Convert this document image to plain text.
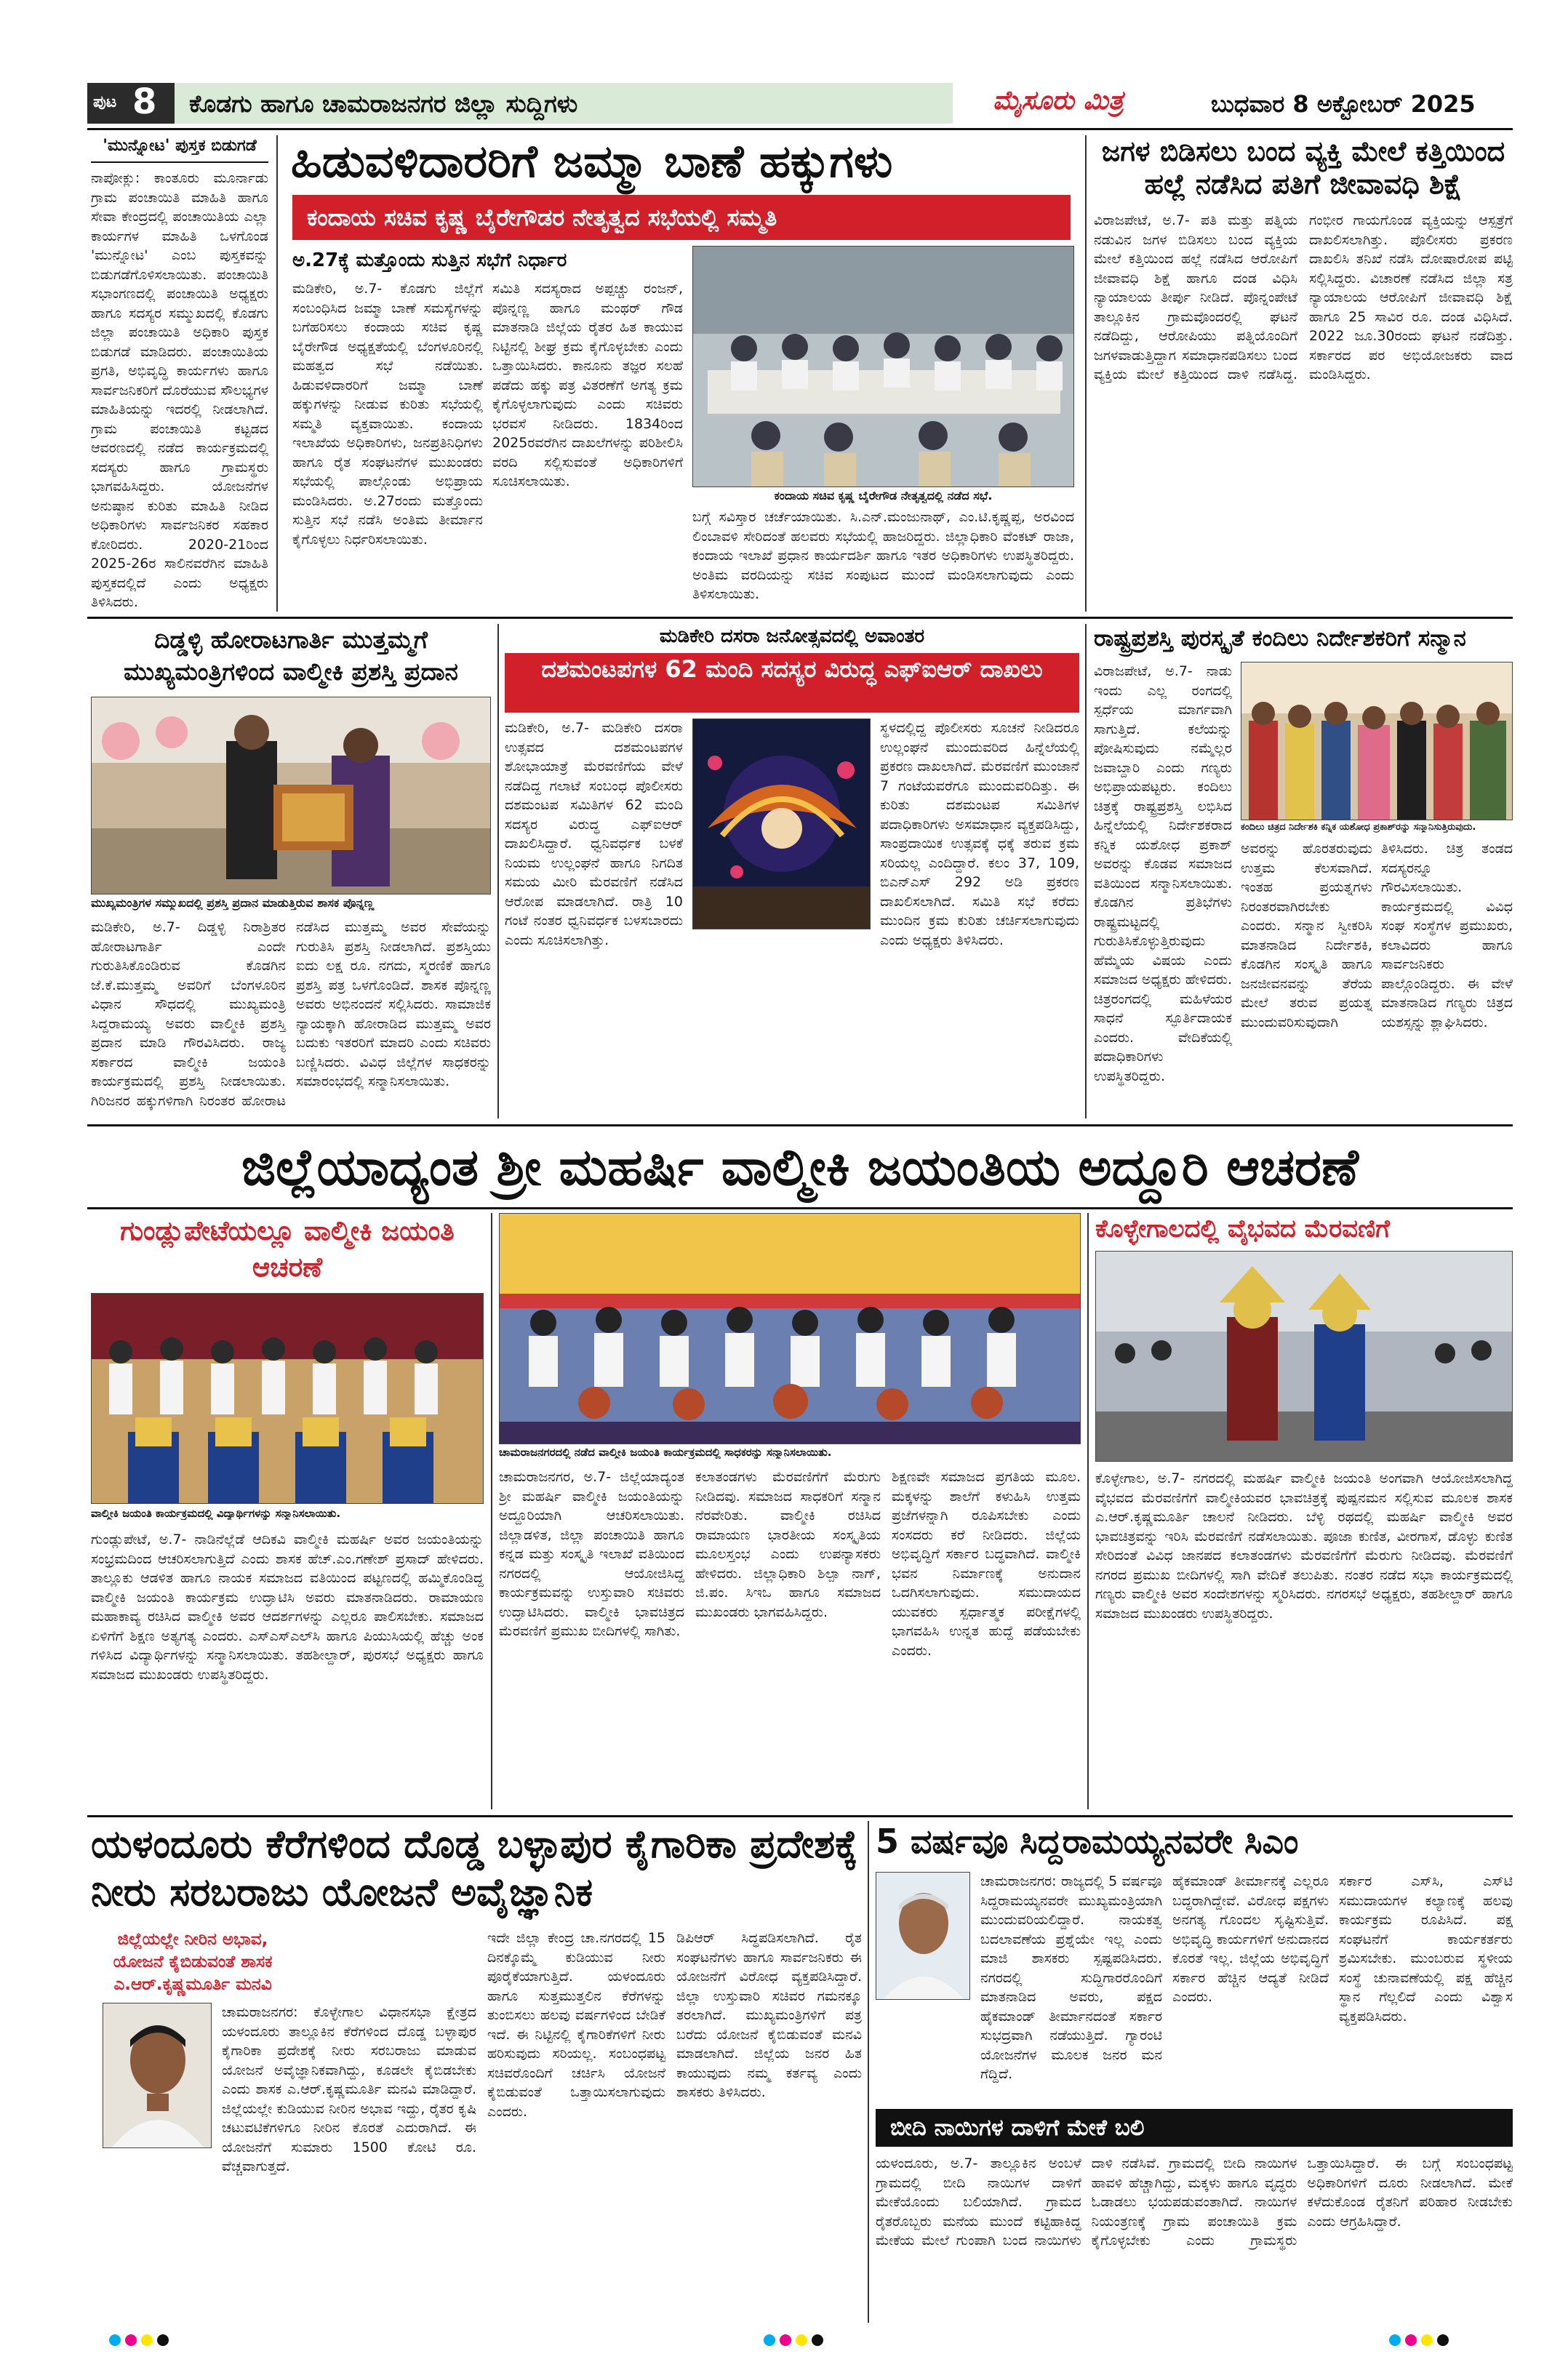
ಪುಟ 8 ಕೊಡಗು ಹಾಗೂ ಚಾಮರಾಜನಗರ ಜಿಲ್ಲಾ ಸುದ್ದಿಗಳು	ಮೈಸೂರು ಮಿತ್ರ	ಬುಧವಾರ 8 ಅಕ್ಟೋಬರ್ 2025
'ಮುನ್ನೋಟ' ಪುಸ್ತಕ ಬಿಡುಗಡೆ
ನಾಪೋಕ್ಲು: ಕಾಂತೂರು ಮೂರ್ನಾಡು ಗ್ರಾಮ ಪಂಚಾಯಿತಿ ಮಾಹಿತಿ ಹಾಗೂ ಸೇವಾ ಕೇಂದ್ರದಲ್ಲಿ ಪಂಚಾಯಿತಿಯ ಎಲ್ಲಾ ಕಾರ್ಯಗಳ ಮಾಹಿತಿ ಒಳಗೊಂಡ 'ಮುನ್ನೋಟ' ಎಂಬ ಪುಸ್ತಕವನ್ನು ಬಿಡುಗಡೆಗೊಳಿಸಲಾಯಿತು. ಪಂಚಾಯಿತಿ ಸಭಾಂಗಣದಲ್ಲಿ ಪಂಚಾಯಿತಿ ಅಧ್ಯಕ್ಷರು ಹಾಗೂ ಸದಸ್ಯರ ಸಮ್ಮುಖದಲ್ಲಿ ಕೊಡಗು ಜಿಲ್ಲಾ ಪಂಚಾಯಿತಿ ಅಧಿಕಾರಿ ಪುಸ್ತಕ ಬಿಡುಗಡೆ ಮಾಡಿದರು. ಪಂಚಾಯಿತಿಯ ಪ್ರಗತಿ, ಅಭಿವೃದ್ಧಿ ಕಾರ್ಯಗಳು ಹಾಗೂ ಸಾರ್ವಜನಿಕರಿಗೆ ದೊರೆಯುವ ಸೌಲಭ್ಯಗಳ ಮಾಹಿತಿಯನ್ನು ಇದರಲ್ಲಿ ನೀಡಲಾಗಿದೆ. ಗ್ರಾಮ ಪಂಚಾಯಿತಿ ಕಟ್ಟಡದ ಆವರಣದಲ್ಲಿ ನಡೆದ ಕಾರ್ಯಕ್ರಮದಲ್ಲಿ ಸದಸ್ಯರು ಹಾಗೂ ಗ್ರಾಮಸ್ಥರು ಭಾಗವಹಿಸಿದ್ದರು. ಯೋಜನೆಗಳ ಅನುಷ್ಠಾನ ಕುರಿತು ಮಾಹಿತಿ ನೀಡಿದ ಅಧಿಕಾರಿಗಳು ಸಾರ್ವಜನಿಕರ ಸಹಕಾರ ಕೋರಿದರು. 2020-21ರಿಂದ 2025-26ರ ಸಾಲಿನವರೆಗಿನ ಮಾಹಿತಿ ಪುಸ್ತಕದಲ್ಲಿದೆ ಎಂದು ಅಧ್ಯಕ್ಷರು ತಿಳಿಸಿದರು.
ಹಿಡುವಳಿದಾರರಿಗೆ ಜಮ್ಮಾ ಬಾಣೆ ಹಕ್ಕುಗಳು
ಕಂದಾಯ ಸಚಿವ ಕೃಷ್ಣ ಬೈರೇಗೌಡರ ನೇತೃತ್ವದ ಸಭೆಯಲ್ಲಿ ಸಮ್ಮತಿ
ಅ.27ಕ್ಕೆ ಮತ್ತೊಂದು ಸುತ್ತಿನ ಸಭೆಗೆ ನಿರ್ಧಾರ
ಮಡಿಕೇರಿ, ಅ.7- ಕೊಡಗು ಜಿಲ್ಲೆಗೆ ಸಂಬಂಧಿಸಿದ ಜಮ್ಮಾ ಬಾಣೆ ಸಮಸ್ಯೆಗಳನ್ನು ಬಗೆಹರಿಸಲು ಕಂದಾಯ ಸಚಿವ ಕೃಷ್ಣ ಬೈರೇಗೌಡ ಅಧ್ಯಕ್ಷತೆಯಲ್ಲಿ ಬೆಂಗಳೂರಿನಲ್ಲಿ ಮಹತ್ವದ ಸಭೆ ನಡೆಯಿತು. ಹಿಡುವಳಿದಾರರಿಗೆ ಜಮ್ಮಾ ಬಾಣೆ ಹಕ್ಕುಗಳನ್ನು ನೀಡುವ ಕುರಿತು ಸಭೆಯಲ್ಲಿ ಸಮ್ಮತಿ ವ್ಯಕ್ತವಾಯಿತು. ಕಂದಾಯ ಇಲಾಖೆಯ ಅಧಿಕಾರಿಗಳು, ಜನಪ್ರತಿನಿಧಿಗಳು ಹಾಗೂ ರೈತ ಸಂಘಟನೆಗಳ ಮುಖಂಡರು ಸಭೆಯಲ್ಲಿ ಪಾಲ್ಗೊಂಡು ಅಭಿಪ್ರಾಯ ಮಂಡಿಸಿದರು. ಅ.27ರಂದು ಮತ್ತೊಂದು ಸುತ್ತಿನ ಸಭೆ ನಡೆಸಿ ಅಂತಿಮ ತೀರ್ಮಾನ ಕೈಗೊಳ್ಳಲು ನಿರ್ಧರಿಸಲಾಯಿತು.
ಸಮಿತಿ ಸದಸ್ಯರಾದ ಅಪ್ಪಚ್ಚು ರಂಜನ್, ಪೊನ್ನಣ್ಣ ಹಾಗೂ ಮಂಥರ್ ಗೌಡ ಮಾತನಾಡಿ ಜಿಲ್ಲೆಯ ರೈತರ ಹಿತ ಕಾಯುವ ನಿಟ್ಟಿನಲ್ಲಿ ಶೀಘ್ರ ಕ್ರಮ ಕೈಗೊಳ್ಳಬೇಕು ಎಂದು ಒತ್ತಾಯಿಸಿದರು. ಕಾನೂನು ತಜ್ಞರ ಸಲಹೆ ಪಡೆದು ಹಕ್ಕು ಪತ್ರ ವಿತರಣೆಗೆ ಅಗತ್ಯ ಕ್ರಮ ಕೈಗೊಳ್ಳಲಾಗುವುದು ಎಂದು ಸಚಿವರು ಭರವಸೆ ನೀಡಿದರು. 1834ರಿಂದ 2025ರವರೆಗಿನ ದಾಖಲೆಗಳನ್ನು ಪರಿಶೀಲಿಸಿ ವರದಿ ಸಲ್ಲಿಸುವಂತೆ ಅಧಿಕಾರಿಗಳಿಗೆ ಸೂಚಿಸಲಾಯಿತು.
ಕಂದಾಯ ಸಚಿವ ಕೃಷ್ಣ ಬೈರೇಗೌಡ ನೇತೃತ್ವದಲ್ಲಿ ನಡೆದ ಸಭೆ.
ಬಗ್ಗೆ ಸವಿಸ್ತಾರ ಚರ್ಚೆಯಾಯಿತು. ಸಿ.ಎನ್.ಮಂಜುನಾಥ್, ಎಂ.ಟಿ.ಕೃಷ್ಣಪ್ಪ, ಅರವಿಂದ ಲಿಂಬಾವಳಿ ಸೇರಿದಂತೆ ಹಲವರು ಸಭೆಯಲ್ಲಿ ಹಾಜರಿದ್ದರು. ಜಿಲ್ಲಾಧಿಕಾರಿ ವೆಂಕಟ್ ರಾಜಾ, ಕಂದಾಯ ಇಲಾಖೆ ಪ್ರಧಾನ ಕಾರ್ಯದರ್ಶಿ ಹಾಗೂ ಇತರ ಅಧಿಕಾರಿಗಳು ಉಪಸ್ಥಿತರಿದ್ದರು. ಅಂತಿಮ ವರದಿಯನ್ನು ಸಚಿವ ಸಂಪುಟದ ಮುಂದೆ ಮಂಡಿಸಲಾಗುವುದು ಎಂದು ತಿಳಿಸಲಾಯಿತು.
ಜಗಳ ಬಿಡಿಸಲು ಬಂದ ವ್ಯಕ್ತಿ ಮೇಲೆ ಕತ್ತಿಯಿಂದ ಹಲ್ಲೆ ನಡೆಸಿದ ಪತಿಗೆ ಜೀವಾವಧಿ ಶಿಕ್ಷೆ
ವಿರಾಜಪೇಟೆ, ಅ.7- ಪತಿ ಮತ್ತು ಪತ್ನಿಯ ನಡುವಿನ ಜಗಳ ಬಿಡಿಸಲು ಬಂದ ವ್ಯಕ್ತಿಯ ಮೇಲೆ ಕತ್ತಿಯಿಂದ ಹಲ್ಲೆ ನಡೆಸಿದ ಆರೋಪಿಗೆ ಜೀವಾವಧಿ ಶಿಕ್ಷೆ ಹಾಗೂ ದಂಡ ವಿಧಿಸಿ ನ್ಯಾಯಾಲಯ ತೀರ್ಪು ನೀಡಿದೆ. ಪೊನ್ನಂಪೇಟೆ ತಾಲ್ಲೂಕಿನ ಗ್ರಾಮವೊಂದರಲ್ಲಿ ಘಟನೆ ನಡೆದಿದ್ದು, ಆರೋಪಿಯು ಪತ್ನಿಯೊಂದಿಗೆ ಜಗಳವಾಡುತ್ತಿದ್ದಾಗ ಸಮಾಧಾನಪಡಿಸಲು ಬಂದ ವ್ಯಕ್ತಿಯ ಮೇಲೆ ಕತ್ತಿಯಿಂದ ದಾಳಿ ನಡೆಸಿದ್ದ. ಗಂಭೀರ ಗಾಯಗೊಂಡ ವ್ಯಕ್ತಿಯನ್ನು ಆಸ್ಪತ್ರೆಗೆ ದಾಖಲಿಸಲಾಗಿತ್ತು. ಪೊಲೀಸರು ಪ್ರಕರಣ ದಾಖಲಿಸಿ ತನಿಖೆ ನಡೆಸಿ ದೋಷಾರೋಪ ಪಟ್ಟಿ ಸಲ್ಲಿಸಿದ್ದರು. ವಿಚಾರಣೆ ನಡೆಸಿದ ಜಿಲ್ಲಾ ಸತ್ರ ನ್ಯಾಯಾಲಯ ಆರೋಪಿಗೆ ಜೀವಾವಧಿ ಶಿಕ್ಷೆ ಹಾಗೂ 25 ಸಾವಿರ ರೂ. ದಂಡ ವಿಧಿಸಿದೆ. 2022 ಜೂ.30ರಂದು ಘಟನೆ ನಡೆದಿತ್ತು. ಸರ್ಕಾರದ ಪರ ಅಭಿಯೋಜಕರು ವಾದ ಮಂಡಿಸಿದ್ದರು.
ದಿಡ್ಡಳ್ಳಿ ಹೋರಾಟಗಾರ್ತಿ ಮುತ್ತಮ್ಮಗೆ ಮುಖ್ಯಮಂತ್ರಿಗಳಿಂದ ವಾಲ್ಮೀಕಿ ಪ್ರಶಸ್ತಿ ಪ್ರದಾನ
ಮುಖ್ಯಮಂತ್ರಿಗಳ ಸಮ್ಮುಖದಲ್ಲಿ ಪ್ರಶಸ್ತಿ ಪ್ರದಾನ ಮಾಡುತ್ತಿರುವ ಶಾಸಕ ಪೊನ್ನಣ್ಣ
ಮಡಿಕೇರಿ, ಅ.7- ದಿಡ್ಡಳ್ಳಿ ನಿರಾಶ್ರಿತರ ಹೋರಾಟಗಾರ್ತಿ ಎಂದೇ ಗುರುತಿಸಿಕೊಂಡಿರುವ ಕೊಡಗಿನ ಜೆ.ಕೆ.ಮುತ್ತಮ್ಮ ಅವರಿಗೆ ಬೆಂಗಳೂರಿನ ವಿಧಾನ ಸೌಧದಲ್ಲಿ ಮುಖ್ಯಮಂತ್ರಿ ಸಿದ್ದರಾಮಯ್ಯ ಅವರು ವಾಲ್ಮೀಕಿ ಪ್ರಶಸ್ತಿ ಪ್ರದಾನ ಮಾಡಿ ಗೌರವಿಸಿದರು. ರಾಜ್ಯ ಸರ್ಕಾರದ ವಾಲ್ಮೀಕಿ ಜಯಂತಿ ಕಾರ್ಯಕ್ರಮದಲ್ಲಿ ಪ್ರಶಸ್ತಿ ನೀಡಲಾಯಿತು. ಗಿರಿಜನರ ಹಕ್ಕುಗಳಿಗಾಗಿ ನಿರಂತರ ಹೋರಾಟ ನಡೆಸಿದ ಮುತ್ತಮ್ಮ ಅವರ ಸೇವೆಯನ್ನು ಗುರುತಿಸಿ ಪ್ರಶಸ್ತಿ ನೀಡಲಾಗಿದೆ. ಪ್ರಶಸ್ತಿಯು ಐದು ಲಕ್ಷ ರೂ. ನಗದು, ಸ್ಮರಣಿಕೆ ಹಾಗೂ ಪ್ರಶಸ್ತಿ ಪತ್ರ ಒಳಗೊಂಡಿದೆ. ಶಾಸಕ ಪೊನ್ನಣ್ಣ ಅವರು ಅಭಿನಂದನೆ ಸಲ್ಲಿಸಿದರು. ಸಾಮಾಜಿಕ ನ್ಯಾಯಕ್ಕಾಗಿ ಹೋರಾಡಿದ ಮುತ್ತಮ್ಮ ಅವರ ಬದುಕು ಇತರರಿಗೆ ಮಾದರಿ ಎಂದು ಸಚಿವರು ಬಣ್ಣಿಸಿದರು. ವಿವಿಧ ಜಿಲ್ಲೆಗಳ ಸಾಧಕರನ್ನು ಸಮಾರಂಭದಲ್ಲಿ ಸನ್ಮಾನಿಸಲಾಯಿತು.
ಮಡಿಕೇರಿ ದಸರಾ ಜನೋತ್ಸವದಲ್ಲಿ ಅವಾಂತರ
ದಶಮಂಟಪಗಳ 62 ಮಂದಿ ಸದಸ್ಯರ ವಿರುದ್ಧ ಎಫ್ಐಆರ್ ದಾಖಲು
ಮಡಿಕೇರಿ, ಅ.7- ಮಡಿಕೇರಿ ದಸರಾ ಉತ್ಸವದ ದಶಮಂಟಪಗಳ ಶೋಭಾಯಾತ್ರೆ ಮೆರವಣಿಗೆಯ ವೇಳೆ ನಡೆದಿದ್ದ ಗಲಾಟೆ ಸಂಬಂಧ ಪೊಲೀಸರು ದಶಮಂಟಪ ಸಮಿತಿಗಳ 62 ಮಂದಿ ಸದಸ್ಯರ ವಿರುದ್ಧ ಎಫ್ಐಆರ್ ದಾಖಲಿಸಿದ್ದಾರೆ. ಧ್ವನಿವರ್ಧಕ ಬಳಕೆ ನಿಯಮ ಉಲ್ಲಂಘನೆ ಹಾಗೂ ನಿಗದಿತ ಸಮಯ ಮೀರಿ ಮೆರವಣಿಗೆ ನಡೆಸಿದ ಆರೋಪ ಮಾಡಲಾಗಿದೆ. ರಾತ್ರಿ 10 ಗಂಟೆ ನಂತರ ಧ್ವನಿವರ್ಧಕ ಬಳಸಬಾರದು ಎಂದು ಸೂಚಿಸಲಾಗಿತ್ತು.
ಸ್ಥಳದಲ್ಲಿದ್ದ ಪೊಲೀಸರು ಸೂಚನೆ ನೀಡಿದರೂ ಉಲ್ಲಂಘನೆ ಮುಂದುವರಿದ ಹಿನ್ನೆಲೆಯಲ್ಲಿ ಪ್ರಕರಣ ದಾಖಲಾಗಿದೆ. ಮೆರವಣಿಗೆ ಮುಂಜಾನೆ 7 ಗಂಟೆಯವರೆಗೂ ಮುಂದುವರಿದಿತ್ತು. ಈ ಕುರಿತು ದಶಮಂಟಪ ಸಮಿತಿಗಳ ಪದಾಧಿಕಾರಿಗಳು ಅಸಮಾಧಾನ ವ್ಯಕ್ತಪಡಿಸಿದ್ದು, ಸಾಂಪ್ರದಾಯಿಕ ಉತ್ಸವಕ್ಕೆ ಧಕ್ಕೆ ತರುವ ಕ್ರಮ ಸರಿಯಲ್ಲ ಎಂದಿದ್ದಾರೆ. ಕಲಂ 37, 109, ಬಿಎನ್ಎಸ್ 292 ಅಡಿ ಪ್ರಕರಣ ದಾಖಲಿಸಲಾಗಿದೆ. ಸಮಿತಿ ಸಭೆ ಕರೆದು ಮುಂದಿನ ಕ್ರಮ ಕುರಿತು ಚರ್ಚಿಸಲಾಗುವುದು ಎಂದು ಅಧ್ಯಕ್ಷರು ತಿಳಿಸಿದರು.
ರಾಷ್ಟ್ರಪ್ರಶಸ್ತಿ ಪುರಸ್ಕೃತೆ ಕಂದಿಲು ನಿರ್ದೇಶಕರಿಗೆ ಸನ್ಮಾನ
ವಿರಾಜಪೇಟೆ, ಅ.7- ನಾಡು ಇಂದು ಎಲ್ಲ ರಂಗದಲ್ಲಿ ಸ್ಪರ್ಧೆಯ ಮಾರ್ಗವಾಗಿ ಸಾಗುತ್ತಿದೆ. ಕಲೆಯನ್ನು ಪೋಷಿಸುವುದು ನಮ್ಮೆಲ್ಲರ ಜವಾಬ್ದಾರಿ ಎಂದು ಗಣ್ಯರು ಅಭಿಪ್ರಾಯಪಟ್ಟರು. ಕಂದಿಲು ಚಿತ್ರಕ್ಕೆ ರಾಷ್ಟ್ರಪ್ರಶಸ್ತಿ ಲಭಿಸಿದ ಹಿನ್ನೆಲೆಯಲ್ಲಿ ನಿರ್ದೇಶಕರಾದ ಕನ್ನಿಕ ಯಶೋಧ ಪ್ರಕಾಶ್ ಅವರನ್ನು ಕೊಡವ ಸಮಾಜದ ವತಿಯಿಂದ ಸನ್ಮಾನಿಸಲಾಯಿತು. ಕೊಡಗಿನ ಪ್ರತಿಭೆಗಳು ರಾಷ್ಟ್ರಮಟ್ಟದಲ್ಲಿ ಗುರುತಿಸಿಕೊಳ್ಳುತ್ತಿರುವುದು ಹೆಮ್ಮೆಯ ವಿಷಯ ಎಂದು ಸಮಾಜದ ಅಧ್ಯಕ್ಷರು ಹೇಳಿದರು. ಚಿತ್ರರಂಗದಲ್ಲಿ ಮಹಿಳೆಯರ ಸಾಧನೆ ಸ್ಫೂರ್ತಿದಾಯಕ ಎಂದರು. ವೇದಿಕೆಯಲ್ಲಿ ಪದಾಧಿಕಾರಿಗಳು ಉಪಸ್ಥಿತರಿದ್ದರು.
ಕಂದಿಲು ಚಿತ್ರದ ನಿರ್ದೇಶಕಿ ಕನ್ನಿಕ ಯಶೋಧ ಪ್ರಕಾಶ್‌ರನ್ನು ಸನ್ಮಾನಿಸುತ್ತಿರುವುದು.
ಅವರನ್ನು ಹೊರತರುವುದು ಉತ್ತಮ ಕೆಲಸವಾಗಿದೆ. ಇಂತಹ ಪ್ರಯತ್ನಗಳು ನಿರಂತರವಾಗಿರಬೇಕು ಎಂದರು. ಸನ್ಮಾನ ಸ್ವೀಕರಿಸಿ ಮಾತನಾಡಿದ ನಿರ್ದೇಶಕಿ, ಕೊಡಗಿನ ಸಂಸ್ಕೃತಿ ಹಾಗೂ ಜನಜೀವನವನ್ನು ತೆರೆಯ ಮೇಲೆ ತರುವ ಪ್ರಯತ್ನ ಮುಂದುವರಿಸುವುದಾಗಿ ತಿಳಿಸಿದರು. ಚಿತ್ರ ತಂಡದ ಸದಸ್ಯರನ್ನೂ ಗೌರವಿಸಲಾಯಿತು. ಕಾರ್ಯಕ್ರಮದಲ್ಲಿ ವಿವಿಧ ಸಂಘ ಸಂಸ್ಥೆಗಳ ಪ್ರಮುಖರು, ಕಲಾವಿದರು ಹಾಗೂ ಸಾರ್ವಜನಿಕರು ಪಾಲ್ಗೊಂಡಿದ್ದರು. ಈ ವೇಳೆ ಮಾತನಾಡಿದ ಗಣ್ಯರು ಚಿತ್ರದ ಯಶಸ್ಸನ್ನು ಶ್ಲಾಘಿಸಿದರು.
ಜಿಲ್ಲೆಯಾದ್ಯಂತ ಶ್ರೀ ಮಹರ್ಷಿ ವಾಲ್ಮೀಕಿ ಜಯಂತಿಯ ಅದ್ದೂರಿ ಆಚರಣೆ
ಗುಂಡ್ಲುಪೇಟೆಯಲ್ಲೂ ವಾಲ್ಮೀಕಿ ಜಯಂತಿ ಆಚರಣೆ
ವಾಲ್ಮೀಕಿ ಜಯಂತಿ ಕಾರ್ಯಕ್ರಮದಲ್ಲಿ ವಿದ್ಯಾರ್ಥಿಗಳನ್ನು ಸನ್ಮಾನಿಸಲಾಯಿತು.
ಗುಂಡ್ಲುಪೇಟೆ, ಅ.7- ನಾಡಿನೆಲ್ಲೆಡೆ ಆದಿಕವಿ ವಾಲ್ಮೀಕಿ ಮಹರ್ಷಿ ಅವರ ಜಯಂತಿಯನ್ನು ಸಂಭ್ರಮದಿಂದ ಆಚರಿಸಲಾಗುತ್ತಿದೆ ಎಂದು ಶಾಸಕ ಹೆಚ್.ಎಂ.ಗಣೇಶ್ ಪ್ರಸಾದ್ ಹೇಳಿದರು. ತಾಲ್ಲೂಕು ಆಡಳಿತ ಹಾಗೂ ನಾಯಕ ಸಮಾಜದ ವತಿಯಿಂದ ಪಟ್ಟಣದಲ್ಲಿ ಹಮ್ಮಿಕೊಂಡಿದ್ದ ವಾಲ್ಮೀಕಿ ಜಯಂತಿ ಕಾರ್ಯಕ್ರಮ ಉದ್ಘಾಟಿಸಿ ಅವರು ಮಾತನಾಡಿದರು. ರಾಮಾಯಣ ಮಹಾಕಾವ್ಯ ರಚಿಸಿದ ವಾಲ್ಮೀಕಿ ಅವರ ಆದರ್ಶಗಳನ್ನು ಎಲ್ಲರೂ ಪಾಲಿಸಬೇಕು. ಸಮಾಜದ ಏಳಿಗೆಗೆ ಶಿಕ್ಷಣ ಅತ್ಯಗತ್ಯ ಎಂದರು. ಎಸ್ಎಸ್ಎಲ್‌ಸಿ ಹಾಗೂ ಪಿಯುಸಿಯಲ್ಲಿ ಹೆಚ್ಚು ಅಂಕ ಗಳಿಸಿದ ವಿದ್ಯಾರ್ಥಿಗಳನ್ನು ಸನ್ಮಾನಿಸಲಾಯಿತು. ತಹಶೀಲ್ದಾರ್, ಪುರಸಭೆ ಅಧ್ಯಕ್ಷರು ಹಾಗೂ ಸಮಾಜದ ಮುಖಂಡರು ಉಪಸ್ಥಿತರಿದ್ದರು.
ಚಾಮರಾಜನಗರದಲ್ಲಿ ನಡೆದ ವಾಲ್ಮೀಕಿ ಜಯಂತಿ ಕಾರ್ಯಕ್ರಮದಲ್ಲಿ ಸಾಧಕರನ್ನು ಸನ್ಮಾನಿಸಲಾಯಿತು.
ಚಾಮರಾಜನಗರ, ಅ.7- ಜಿಲ್ಲೆಯಾದ್ಯಂತ ಶ್ರೀ ಮಹರ್ಷಿ ವಾಲ್ಮೀಕಿ ಜಯಂತಿಯನ್ನು ಅದ್ದೂರಿಯಾಗಿ ಆಚರಿಸಲಾಯಿತು. ಜಿಲ್ಲಾಡಳಿತ, ಜಿಲ್ಲಾ ಪಂಚಾಯಿತಿ ಹಾಗೂ ಕನ್ನಡ ಮತ್ತು ಸಂಸ್ಕೃತಿ ಇಲಾಖೆ ವತಿಯಿಂದ ನಗರದಲ್ಲಿ ಆಯೋಜಿಸಿದ್ದ ಕಾರ್ಯಕ್ರಮವನ್ನು ಉಸ್ತುವಾರಿ ಸಚಿವರು ಉದ್ಘಾಟಿಸಿದರು. ವಾಲ್ಮೀಕಿ ಭಾವಚಿತ್ರದ ಮೆರವಣಿಗೆ ಪ್ರಮುಖ ಬೀದಿಗಳಲ್ಲಿ ಸಾಗಿತು.
ಕಲಾತಂಡಗಳು ಮೆರವಣಿಗೆಗೆ ಮೆರುಗು ನೀಡಿದವು. ಸಮಾಜದ ಸಾಧಕರಿಗೆ ಸನ್ಮಾನ ನೆರವೇರಿತು. ವಾಲ್ಮೀಕಿ ರಚಿಸಿದ ರಾಮಾಯಣ ಭಾರತೀಯ ಸಂಸ್ಕೃತಿಯ ಮೂಲಸ್ತಂಭ ಎಂದು ಉಪನ್ಯಾಸಕರು ಹೇಳಿದರು. ಜಿಲ್ಲಾಧಿಕಾರಿ ಶಿಲ್ಪಾ ನಾಗ್, ಜಿ.ಪಂ. ಸಿಇಒ ಹಾಗೂ ಸಮಾಜದ ಮುಖಂಡರು ಭಾಗವಹಿಸಿದ್ದರು.
ಶಿಕ್ಷಣವೇ ಸಮಾಜದ ಪ್ರಗತಿಯ ಮೂಲ. ಮಕ್ಕಳನ್ನು ಶಾಲೆಗೆ ಕಳುಹಿಸಿ ಉತ್ತಮ ಪ್ರಜೆಗಳನ್ನಾಗಿ ರೂಪಿಸಬೇಕು ಎಂದು ಸಂಸದರು ಕರೆ ನೀಡಿದರು. ಜಿಲ್ಲೆಯ ಅಭಿವೃದ್ಧಿಗೆ ಸರ್ಕಾರ ಬದ್ಧವಾಗಿದೆ. ವಾಲ್ಮೀಕಿ ಭವನ ನಿರ್ಮಾಣಕ್ಕೆ ಅನುದಾನ ಒದಗಿಸಲಾಗುವುದು. ಸಮುದಾಯದ ಯುವಕರು ಸ್ಪರ್ಧಾತ್ಮಕ ಪರೀಕ್ಷೆಗಳಲ್ಲಿ ಭಾಗವಹಿಸಿ ಉನ್ನತ ಹುದ್ದೆ ಪಡೆಯಬೇಕು ಎಂದರು.
ಕೊಳ್ಳೇಗಾಲದಲ್ಲಿ ವೈಭವದ ಮೆರವಣಿಗೆ
ಕೊಳ್ಳೇಗಾಲ, ಅ.7- ನಗರದಲ್ಲಿ ಮಹರ್ಷಿ ವಾಲ್ಮೀಕಿ ಜಯಂತಿ ಅಂಗವಾಗಿ ಆಯೋಜಿಸಲಾಗಿದ್ದ ವೈಭವದ ಮೆರವಣಿಗೆಗೆ ವಾಲ್ಮೀಕಿಯವರ ಭಾವಚಿತ್ರಕ್ಕೆ ಪುಷ್ಪನಮನ ಸಲ್ಲಿಸುವ ಮೂಲಕ ಶಾಸಕ ಎ.ಆರ್.ಕೃಷ್ಣಮೂರ್ತಿ ಚಾಲನೆ ನೀಡಿದರು. ಬೆಳ್ಳಿ ರಥದಲ್ಲಿ ಮಹರ್ಷಿ ವಾಲ್ಮೀಕಿ ಅವರ ಭಾವಚಿತ್ರವನ್ನು ಇರಿಸಿ ಮೆರವಣಿಗೆ ನಡೆಸಲಾಯಿತು. ಪೂಜಾ ಕುಣಿತ, ವೀರಗಾಸೆ, ಡೊಳ್ಳು ಕುಣಿತ ಸೇರಿದಂತೆ ವಿವಿಧ ಜಾನಪದ ಕಲಾತಂಡಗಳು ಮೆರವಣಿಗೆಗೆ ಮೆರುಗು ನೀಡಿದವು. ಮೆರವಣಿಗೆ ನಗರದ ಪ್ರಮುಖ ಬೀದಿಗಳಲ್ಲಿ ಸಾಗಿ ವೇದಿಕೆ ತಲುಪಿತು. ನಂತರ ನಡೆದ ಸಭಾ ಕಾರ್ಯಕ್ರಮದಲ್ಲಿ ಗಣ್ಯರು ವಾಲ್ಮೀಕಿ ಅವರ ಸಂದೇಶಗಳನ್ನು ಸ್ಮರಿಸಿದರು. ನಗರಸಭೆ ಅಧ್ಯಕ್ಷರು, ತಹಶೀಲ್ದಾರ್ ಹಾಗೂ ಸಮಾಜದ ಮುಖಂಡರು ಉಪಸ್ಥಿತರಿದ್ದರು.
ಯಳಂದೂರು ಕೆರೆಗಳಿಂದ ದೊಡ್ಡ ಬಳ್ಳಾಪುರ ಕೈಗಾರಿಕಾ ಪ್ರದೇಶಕ್ಕೆ ನೀರು ಸರಬರಾಜು ಯೋಜನೆ ಅವೈಜ್ಞಾನಿಕ
ಜಿಲ್ಲೆಯಲ್ಲೇ ನೀರಿನ ಅಭಾವ, ಯೋಜನೆ ಕೈಬಿಡುವಂತೆ ಶಾಸಕ ಎ.ಆರ್.ಕೃಷ್ಣಮೂರ್ತಿ ಮನವಿ
ಚಾಮರಾಜನಗರ: ಕೊಳ್ಳೇಗಾಲ ವಿಧಾನಸಭಾ ಕ್ಷೇತ್ರದ ಯಳಂದೂರು ತಾಲ್ಲೂಕಿನ ಕೆರೆಗಳಿಂದ ದೊಡ್ಡ ಬಳ್ಳಾಪುರ ಕೈಗಾರಿಕಾ ಪ್ರದೇಶಕ್ಕೆ ನೀರು ಸರಬರಾಜು ಮಾಡುವ ಯೋಜನೆ ಅವೈಜ್ಞಾನಿಕವಾಗಿದ್ದು, ಕೂಡಲೇ ಕೈಬಿಡಬೇಕು ಎಂದು ಶಾಸಕ ಎ.ಆರ್.ಕೃಷ್ಣಮೂರ್ತಿ ಮನವಿ ಮಾಡಿದ್ದಾರೆ. ಜಿಲ್ಲೆಯಲ್ಲೇ ಕುಡಿಯುವ ನೀರಿನ ಅಭಾವ ಇದ್ದು, ರೈತರ ಕೃಷಿ ಚಟುವಟಿಕೆಗಳಿಗೂ ನೀರಿನ ಕೊರತೆ ಎದುರಾಗಿದೆ. ಈ ಯೋಜನೆಗೆ ಸುಮಾರು 1500 ಕೋಟಿ ರೂ. ವೆಚ್ಚವಾಗುತ್ತದೆ.
ಇದೇ ಜಿಲ್ಲಾ ಕೇಂದ್ರ ಚಾ.ನಗರದಲ್ಲಿ 15 ದಿನಕ್ಕೊಮ್ಮೆ ಕುಡಿಯುವ ನೀರು ಪೂರೈಕೆಯಾಗುತ್ತಿದೆ. ಯಳಂದೂರು ಹಾಗೂ ಸುತ್ತಮುತ್ತಲಿನ ಕೆರೆಗಳನ್ನು ತುಂಬಿಸಲು ಹಲವು ವರ್ಷಗಳಿಂದ ಬೇಡಿಕೆ ಇದೆ. ಈ ನಿಟ್ಟಿನಲ್ಲಿ ಕೈಗಾರಿಕೆಗಳಿಗೆ ನೀರು ಹರಿಸುವುದು ಸರಿಯಲ್ಲ. ಸಂಬಂಧಪಟ್ಟ ಸಚಿವರೊಂದಿಗೆ ಚರ್ಚಿಸಿ ಯೋಜನೆ ಕೈಬಿಡುವಂತೆ ಒತ್ತಾಯಿಸಲಾಗುವುದು ಎಂದರು.
ಡಿಪಿಆರ್ ಸಿದ್ಧಪಡಿಸಲಾಗಿದೆ. ರೈತ ಸಂಘಟನೆಗಳು ಹಾಗೂ ಸಾರ್ವಜನಿಕರು ಈ ಯೋಜನೆಗೆ ವಿರೋಧ ವ್ಯಕ್ತಪಡಿಸಿದ್ದಾರೆ. ಜಿಲ್ಲಾ ಉಸ್ತುವಾರಿ ಸಚಿವರ ಗಮನಕ್ಕೂ ತರಲಾಗಿದೆ. ಮುಖ್ಯಮಂತ್ರಿಗಳಿಗೆ ಪತ್ರ ಬರೆದು ಯೋಜನೆ ಕೈಬಿಡುವಂತೆ ಮನವಿ ಮಾಡಲಾಗಿದೆ. ಜಿಲ್ಲೆಯ ಜನರ ಹಿತ ಕಾಯುವುದು ನಮ್ಮ ಕರ್ತವ್ಯ ಎಂದು ಶಾಸಕರು ತಿಳಿಸಿದರು.
5 ವರ್ಷವೂ ಸಿದ್ದರಾಮಯ್ಯನವರೇ ಸಿಎಂ
ಚಾಮರಾಜನಗರ: ರಾಜ್ಯದಲ್ಲಿ 5 ವರ್ಷವೂ ಸಿದ್ದರಾಮಯ್ಯನವರೇ ಮುಖ್ಯಮಂತ್ರಿಯಾಗಿ ಮುಂದುವರಿಯಲಿದ್ದಾರೆ. ನಾಯಕತ್ವ ಬದಲಾವಣೆಯ ಪ್ರಶ್ನೆಯೇ ಇಲ್ಲ ಎಂದು ಮಾಜಿ ಶಾಸಕರು ಸ್ಪಷ್ಟಪಡಿಸಿದರು. ನಗರದಲ್ಲಿ ಸುದ್ದಿಗಾರರೊಂದಿಗೆ ಮಾತನಾಡಿದ ಅವರು, ಪಕ್ಷದ ಹೈಕಮಾಂಡ್ ತೀರ್ಮಾನದಂತೆ ಸರ್ಕಾರ ಸುಭದ್ರವಾಗಿ ನಡೆಯುತ್ತಿದೆ. ಗ್ಯಾರಂಟಿ ಯೋಜನೆಗಳ ಮೂಲಕ ಜನರ ಮನ ಗೆದ್ದಿದೆ.
ಹೈಕಮಾಂಡ್ ತೀರ್ಮಾನಕ್ಕೆ ಎಲ್ಲರೂ ಬದ್ಧರಾಗಿದ್ದೇವೆ. ವಿರೋಧ ಪಕ್ಷಗಳು ಅನಗತ್ಯ ಗೊಂದಲ ಸೃಷ್ಟಿಸುತ್ತಿವೆ. ಅಭಿವೃದ್ಧಿ ಕಾರ್ಯಗಳಿಗೆ ಅನುದಾನದ ಕೊರತೆ ಇಲ್ಲ. ಜಿಲ್ಲೆಯ ಅಭಿವೃದ್ಧಿಗೆ ಸರ್ಕಾರ ಹೆಚ್ಚಿನ ಆದ್ಯತೆ ನೀಡಿದೆ ಎಂದರು.
ಸರ್ಕಾರ ಎಸ್‌ಸಿ, ಎಸ್‌ಟಿ ಸಮುದಾಯಗಳ ಕಲ್ಯಾಣಕ್ಕೆ ಹಲವು ಕಾರ್ಯಕ್ರಮ ರೂಪಿಸಿದೆ. ಪಕ್ಷ ಸಂಘಟನೆಗೆ ಕಾರ್ಯಕರ್ತರು ಶ್ರಮಿಸಬೇಕು. ಮುಂಬರುವ ಸ್ಥಳೀಯ ಸಂಸ್ಥೆ ಚುನಾವಣೆಯಲ್ಲಿ ಪಕ್ಷ ಹೆಚ್ಚಿನ ಸ್ಥಾನ ಗೆಲ್ಲಲಿದೆ ಎಂದು ವಿಶ್ವಾಸ ವ್ಯಕ್ತಪಡಿಸಿದರು.
ಬೀದಿ ನಾಯಿಗಳ ದಾಳಿಗೆ ಮೇಕೆ ಬಲಿ
ಯಳಂದೂರು, ಅ.7- ತಾಲ್ಲೂಕಿನ ಅಂಬಳೆ ಗ್ರಾಮದಲ್ಲಿ ಬೀದಿ ನಾಯಿಗಳ ದಾಳಿಗೆ ಮೇಕೆಯೊಂದು ಬಲಿಯಾಗಿದೆ. ಗ್ರಾಮದ ರೈತರೊಬ್ಬರು ಮನೆಯ ಮುಂದೆ ಕಟ್ಟಿಹಾಕಿದ್ದ ಮೇಕೆಯ ಮೇಲೆ ಗುಂಪಾಗಿ ಬಂದ ನಾಯಿಗಳು ದಾಳಿ ನಡೆಸಿವೆ. ಗ್ರಾಮದಲ್ಲಿ ಬೀದಿ ನಾಯಿಗಳ ಹಾವಳಿ ಹೆಚ್ಚಾಗಿದ್ದು, ಮಕ್ಕಳು ಹಾಗೂ ವೃದ್ಧರು ಓಡಾಡಲು ಭಯಪಡುವಂತಾಗಿದೆ. ನಾಯಿಗಳ ನಿಯಂತ್ರಣಕ್ಕೆ ಗ್ರಾಮ ಪಂಚಾಯಿತಿ ಕ್ರಮ ಕೈಗೊಳ್ಳಬೇಕು ಎಂದು ಗ್ರಾಮಸ್ಥರು ಒತ್ತಾಯಿಸಿದ್ದಾರೆ. ಈ ಬಗ್ಗೆ ಸಂಬಂಧಪಟ್ಟ ಅಧಿಕಾರಿಗಳಿಗೆ ದೂರು ನೀಡಲಾಗಿದೆ. ಮೇಕೆ ಕಳೆದುಕೊಂಡ ರೈತನಿಗೆ ಪರಿಹಾರ ನೀಡಬೇಕು ಎಂದು ಆಗ್ರಹಿಸಿದ್ದಾರೆ.
